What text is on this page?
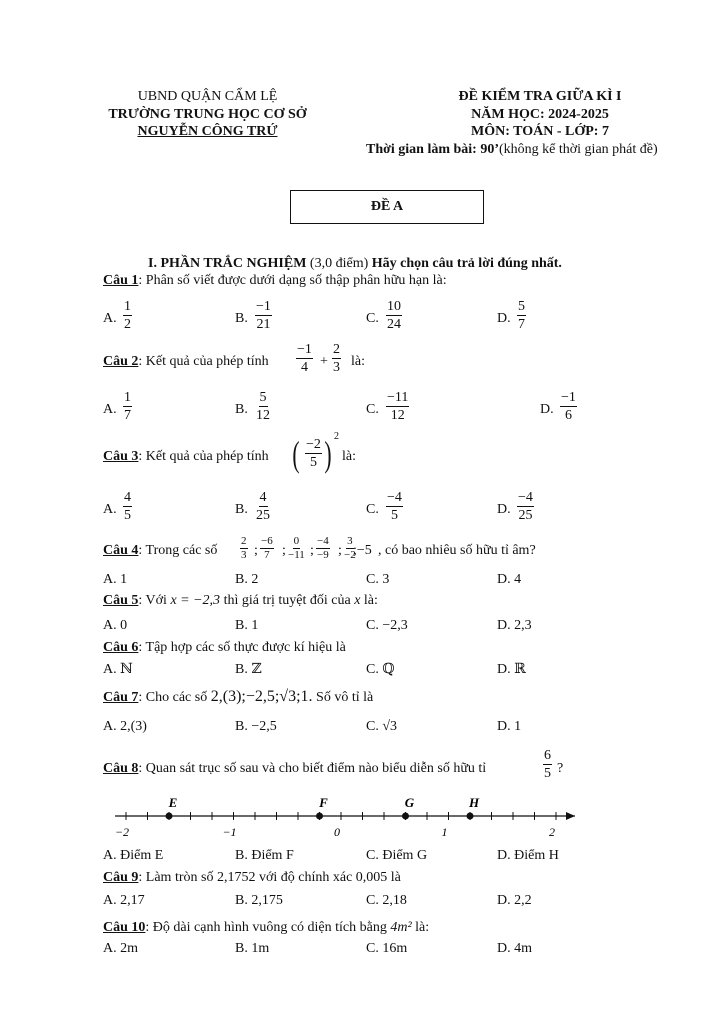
UBND QUẬN CẨM LỆ
TRƯỜNG TRUNG HỌC CƠ SỞ
NGUYỄN CÔNG TRỨ
ĐỀ KIỂM TRA GIỮA KÌ I
NĂM HỌC: 2024-2025
MÔN: TOÁN - LỚP: 7
Thời gian làm bài: 90’(không kể thời gian phát đề)
ĐỀ A
I. PHẦN TRẮC NGHIỆM (3,0 điểm) Hãy chọn câu trả lời đúng nhất.
Câu 1: Phân số viết được dưới dạng số thập phân hữu hạn là:
A. $\frac{1}{2}$	B. $\frac{-1}{21}$	C. $\frac{10}{24}$	D. $\frac{5}{7}$
Câu 2: Kết quả của phép tính $\frac{-1}{4} + \frac{2}{3}$ là:
A. $\frac{1}{7}$	B. $\frac{5}{12}$	C. $\frac{-11}{12}$	D. $\frac{-1}{6}$
Câu 3: Kết quả của phép tính ( $\frac{-2}{5}$ ) 2
là:
A. $\frac{4}{5}$	B. $\frac{4}{25}$	C. $\frac{-4}{5}$	D. $\frac{-4}{25}$
Câu 4: Trong các số
2
3 ;
−6
7 ;
0
−11 ;
−4
−9 ;
3
−2
;−5 , có bao nhiêu số hữu tỉ âm?
A. 1	B. 2	C. 3	D. 4
Câu 5: Với x = −2,3 thì giá trị tuyệt đối của x là:
A. 0	B. 1	C. −2,3	D. 2,3
Câu 6: Tập hợp các số thực được kí hiệu là
A. ℕ	B. ℤ	C. ℚ	D. ℝ
Câu 7: Cho các số 2,(3);−2,5;√3;1. Số vô tỉ là
A. 2,(3)	B. −2,5	C. √3	D. 1
Câu 8: Quan sát trục số sau và cho biết điểm nào biểu diễn số hữu tỉ	$\frac{6}{5}$ ?
−2	−1	0	1	2
E	F	G	H
A. Điểm E	B. Điểm F	C. Điểm G	D. Điểm H
Câu 9: Làm tròn số 2,1752 với độ chính xác 0,005 là
A. 2,17	B. 2,175	C. 2,18	D. 2,2
Câu 10: Độ dài cạnh hình vuông có diện tích bằng 4m² là:
A. 2m	B. 1m	C. 16m	D. 4m
